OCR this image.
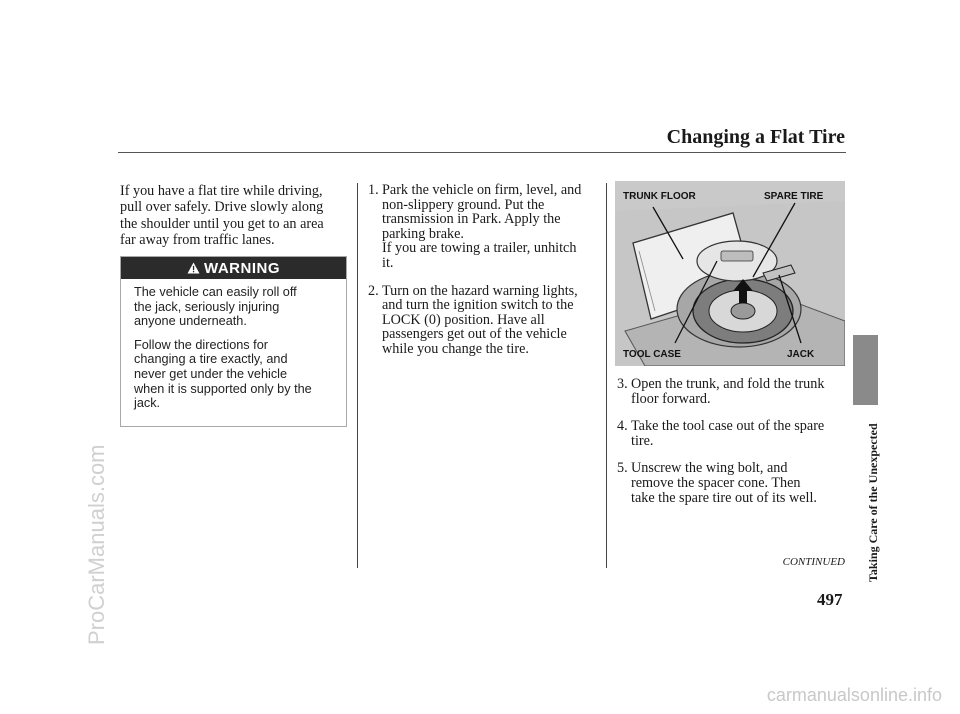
ProCarManuals.com
Changing a Flat Tire
If you have a flat tire while driving,
pull over safely. Drive slowly along
the shoulder until you get to an area
far away from traffic lanes.
WARNING

The vehicle can easily roll off
the jack, seriously injuring
anyone underneath.

Follow the directions for
changing a tire exactly, and
never get under the vehicle
when it is supported only by the
jack.

1. Park the vehicle on firm, level, and
non-slippery ground. Put the
transmission in Park. Apply the
parking brake.
If you are towing a trailer, unhitch
it.
2. Turn on the hazard warning lights,
and turn the ignition switch to the
LOCK (0) position. Have all
passengers get out of the vehicle
while you change the tire.
TRUNK FLOOR	SPARE TIRE
TOOL CASE	JACK
3. Open the trunk, and fold the trunk
floor forward.
4. Take the tool case out of the spare
tire.
5. Unscrew the wing bolt, and
remove the spacer cone. Then
take the spare tire out of its well.	Taking Care of the Unexpected
CONTINUED
497
carmanualsonline.info
